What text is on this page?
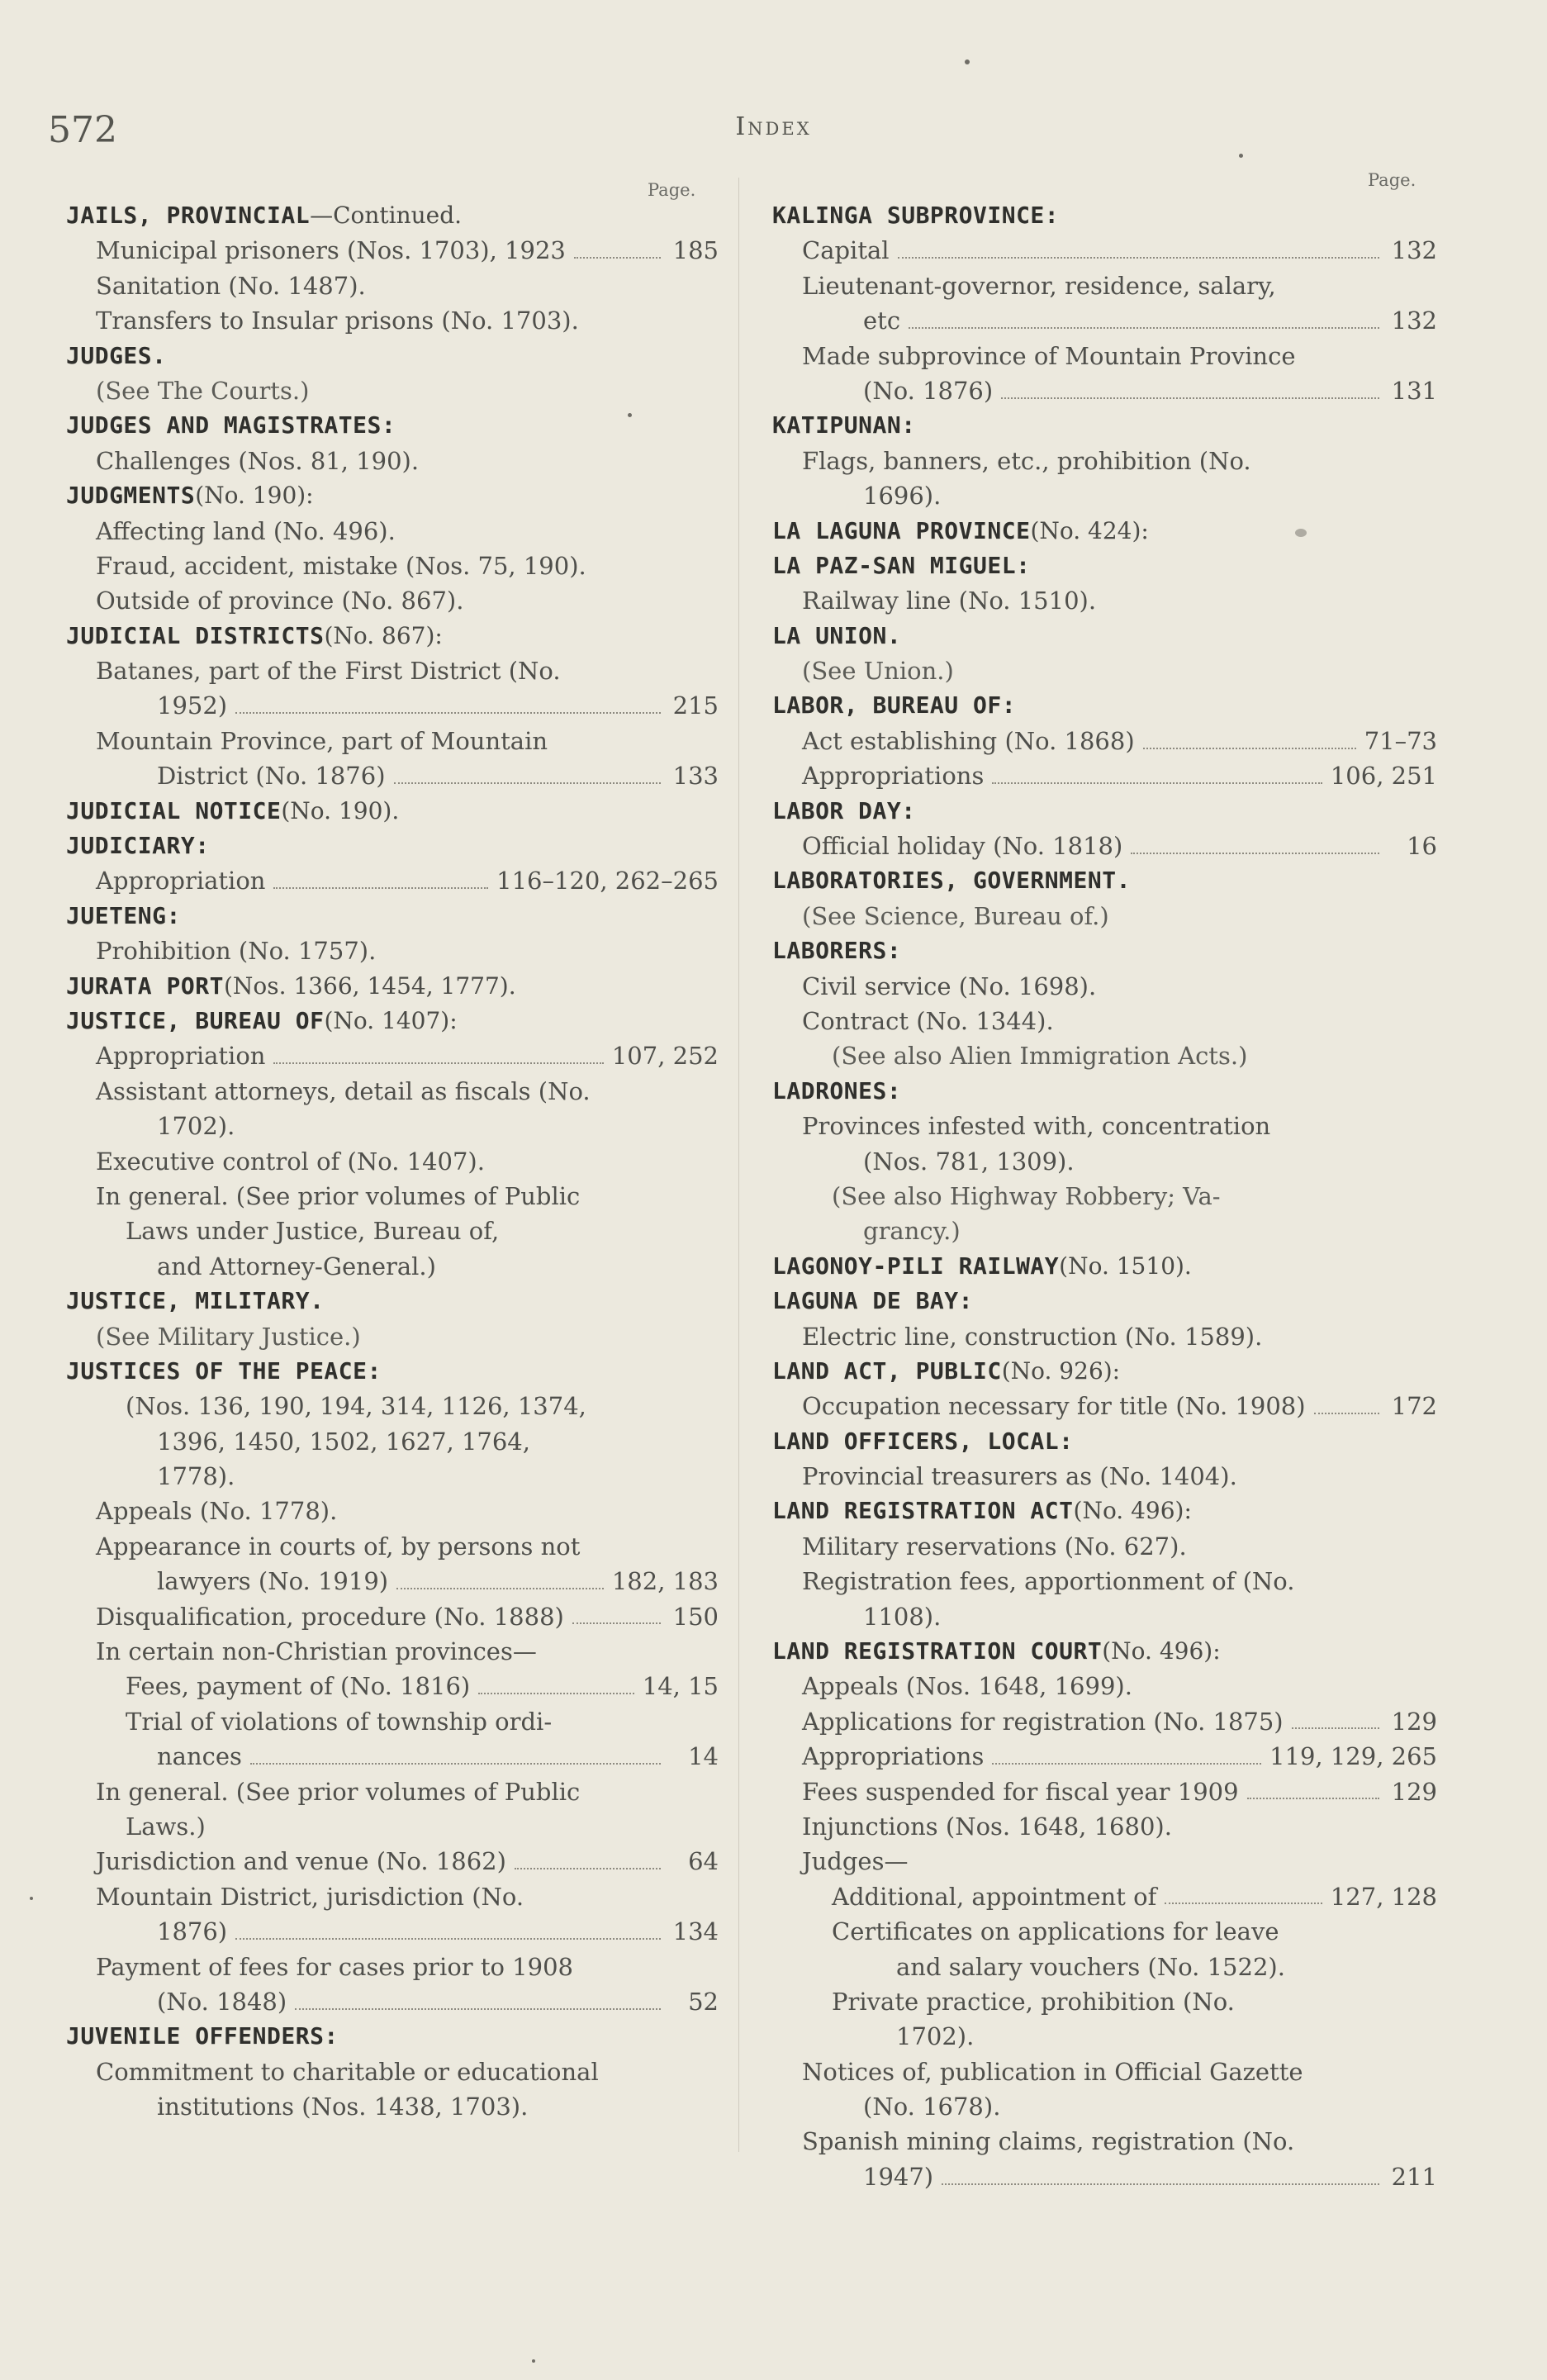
572	Index
Page.	Page.
JAILS, PROVINCIAL —Continued.
Municipal prisoners (Nos. 1703), 1923	185
Sanitation (No. 1487).
Transfers to Insular prisons (No. 1703).
JUDGES.
(See The Courts.)
JUDGES AND MAGISTRATES:
Challenges (Nos. 81, 190).
JUDGMENTS (No. 190):
Affecting land (No. 496).
Fraud, accident, mistake (Nos. 75, 190).
Outside of province (No. 867).
JUDICIAL DISTRICTS (No. 867):
Batanes, part of the First District (No.
1952)	215
Mountain Province, part of Mountain
District (No. 1876)	133
JUDICIAL NOTICE (No. 190).
JUDICIARY:
Appropriation	116–120, 262–265
JUETENG:
Prohibition (No. 1757).
JURATA PORT (Nos. 1366, 1454, 1777).
JUSTICE, BUREAU OF (No. 1407):
Appropriation	107, 252
Assistant attorneys, detail as fiscals (No.
1702).
Executive control of (No. 1407).
In general. (See prior volumes of Public
Laws under Justice, Bureau of,
and Attorney-General.)
JUSTICE, MILITARY.
(See Military Justice.)
JUSTICES OF THE PEACE:
(Nos. 136, 190, 194, 314, 1126, 1374,
1396, 1450, 1502, 1627, 1764,
1778).
Appeals (No. 1778).
Appearance in courts of, by persons not
lawyers (No. 1919)	182, 183
Disqualification, procedure (No. 1888)	150
In certain non-Christian provinces—
Fees, payment of (No. 1816)	14, 15
Trial of violations of township ordi-
nances	14
In general. (See prior volumes of Public
Laws.)
Jurisdiction and venue (No. 1862)	64
Mountain District, jurisdiction (No.
1876)	134
Payment of fees for cases prior to 1908
(No. 1848)	52
JUVENILE OFFENDERS:
Commitment to charitable or educational
institutions (Nos. 1438, 1703).
KALINGA SUBPROVINCE:
Capital	132
Lieutenant-governor, residence, salary,
etc	132
Made subprovince of Mountain Province
(No. 1876)	131
KATIPUNAN:
Flags, banners, etc., prohibition (No.
1696).
LA LAGUNA PROVINCE (No. 424):
LA PAZ-SAN MIGUEL:
Railway line (No. 1510).
LA UNION.
(See Union.)
LABOR, BUREAU OF:
Act establishing (No. 1868)	71–73
Appropriations	106, 251
LABOR DAY:
Official holiday (No. 1818)	16
LABORATORIES, GOVERNMENT.
(See Science, Bureau of.)
LABORERS:
Civil service (No. 1698).
Contract (No. 1344).
(See also Alien Immigration Acts.)
LADRONES:
Provinces infested with, concentration
(Nos. 781, 1309).
(See also Highway Robbery; Va-
grancy.)
LAGONOY-PILI RAILWAY (No. 1510).
LAGUNA DE BAY:
Electric line, construction (No. 1589).
LAND ACT, PUBLIC (No. 926):
Occupation necessary for title (No. 1908)	172
LAND OFFICERS, LOCAL:
Provincial treasurers as (No. 1404).
LAND REGISTRATION ACT (No. 496):
Military reservations (No. 627).
Registration fees, apportionment of (No.
1108).
LAND REGISTRATION COURT (No. 496):
Appeals (Nos. 1648, 1699).
Applications for registration (No. 1875)	129
Appropriations	119, 129, 265
Fees suspended for fiscal year 1909	129
Injunctions (Nos. 1648, 1680).
Judges—
Additional, appointment of	127, 128
Certificates on applications for leave
and salary vouchers (No. 1522).
Private practice, prohibition (No.
1702).
Notices of, publication in Official Gazette
(No. 1678).
Spanish mining claims, registration (No.
1947)	211
